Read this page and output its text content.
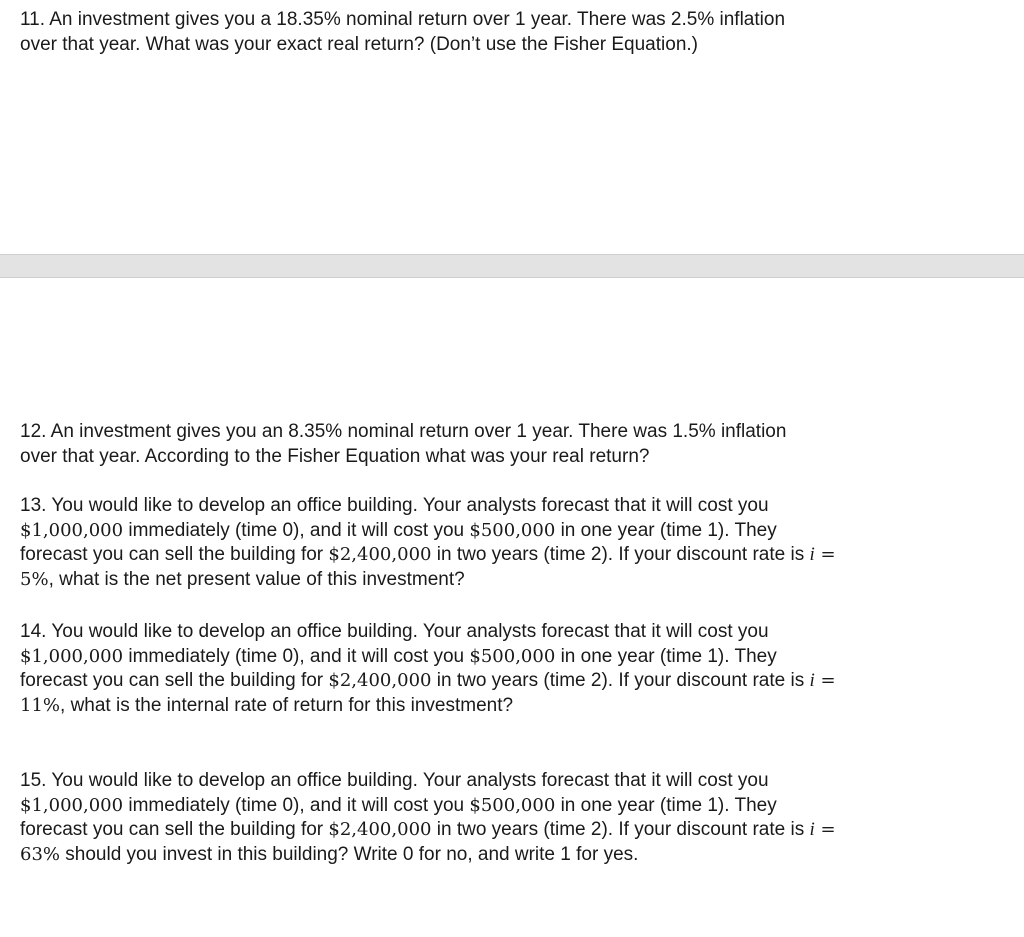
11. An investment gives you a 18.35% nominal return over 1 year. There was 2.5% inflation
over that year. What was your exact real return? (Don’t use the Fisher Equation.)
12. An investment gives you an 8.35% nominal return over 1 year. There was 1.5% inflation
over that year. According to the Fisher Equation what was your real return?
13. You would like to develop an office building. Your analysts forecast that it will cost you
$1,000,000 immediately (time 0), and it will cost you $500,000 in one year (time 1). They
forecast you can sell the building for $2,400,000 in two years (time 2). If your discount rate is i =
5%, what is the net present value of this investment?
14. You would like to develop an office building. Your analysts forecast that it will cost you
$1,000,000 immediately (time 0), and it will cost you $500,000 in one year (time 1). They
forecast you can sell the building for $2,400,000 in two years (time 2). If your discount rate is i =
11%, what is the internal rate of return for this investment?
15. You would like to develop an office building. Your analysts forecast that it will cost you
$1,000,000 immediately (time 0), and it will cost you $500,000 in one year (time 1). They
forecast you can sell the building for $2,400,000 in two years (time 2). If your discount rate is i =
63% should you invest in this building? Write 0 for no, and write 1 for yes.
